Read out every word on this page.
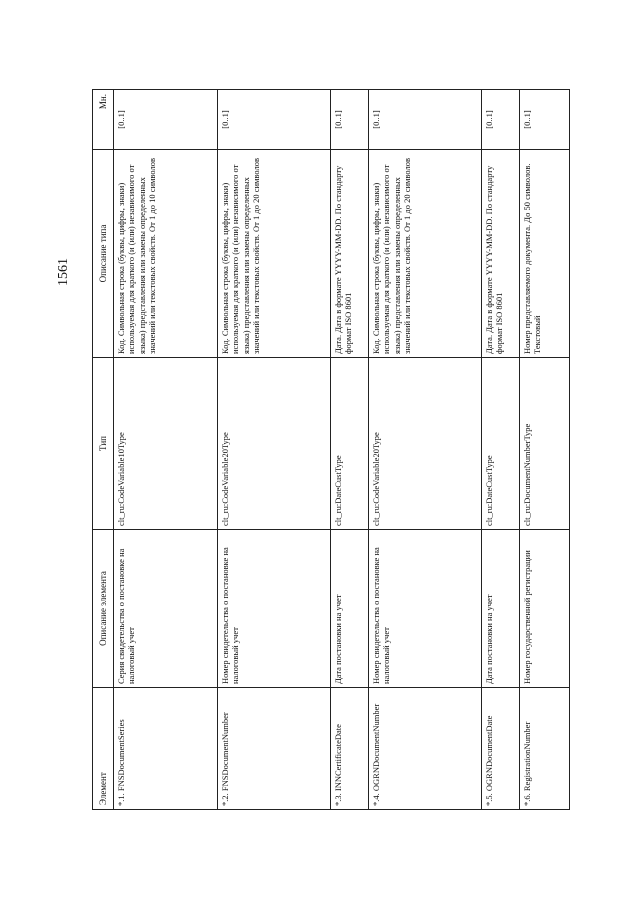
1561
Элемент	Описание элемента	Тип	Описание типа	Мн.
*.1. FNSDocumentSeries	Серия свидетельства о постановке на налоговый учет	clt_ru:CodeVariable10Type	Код. Символьная строка (буквы, цифры, знаки) используемая для краткого (и (или) независимого от языка) представления или замены определенных значений или текстовых свойств. От 1 до 10 символов	[0..1]
*.2. FNSDocumentNumber	Номер свидетельства о постановке на налоговый учет	clt_ru:CodeVariable20Type	Код. Символьная строка (буквы, цифры, знаки) используемая для краткого (и (или) независимого от языка) представления или замены определенных значений или текстовых свойств. От 1 до 20 символов	[0..1]
*.3. INNCertificateDate	Дата постановки на учет	clt_ru:DateCustType	Дата. Дата в формате YYYY-MM-DD. По стандарту формат ISO 8601	[0..1]
*.4. OGRNDocumentNumber	Номер свидетельства о постановке на налоговый учет	clt_ru:CodeVariable20Type	Код. Символьная строка (буквы, цифры, знаки) используемая для краткого (и (или) независимого от языка) представления или замены определенных значений или текстовых свойств. От 1 до 20 символов	[0..1]
*.5. OGRNDocumentDate	Дата постановки на учет	clt_ru:DateCustType	Дата. Дата в формате YYYY-MM-DD. По стандарту формат ISO 8601	[0..1]
*.6. RegistrationNumber	Номер государственной регистрации	clt_ru:DocumentNumberType	Номер представляемого документа. До 50 символов. Текстовый	[0..1]
